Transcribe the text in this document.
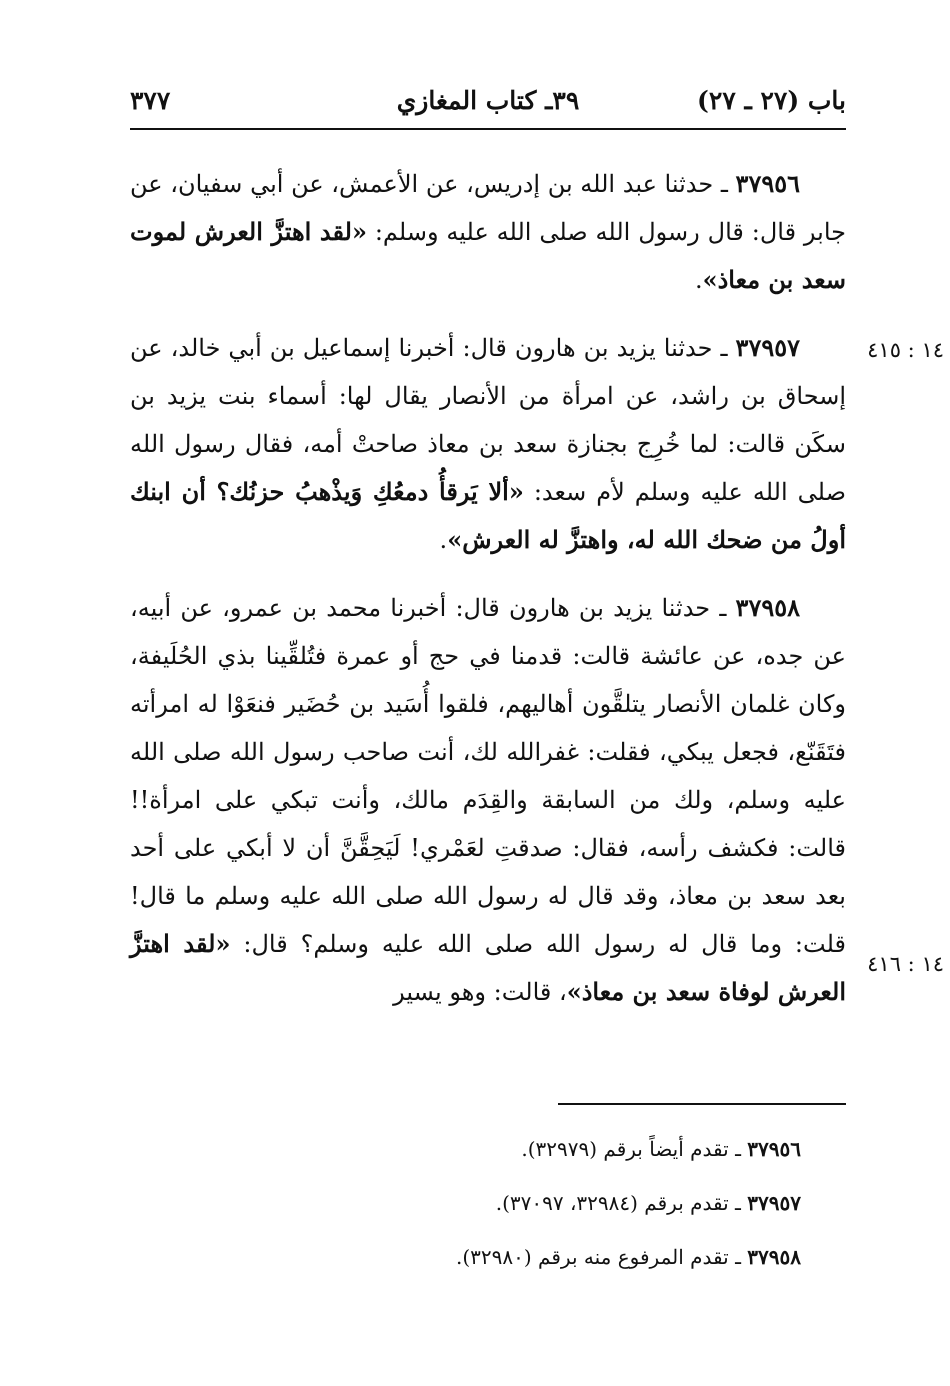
باب (٢٧ ـ ٢٧)
٣٩ـ كتاب المغازي
٣٧٧
١٤ : ٤١٥
١٤ : ٤١٦

٣٧٩٥٦ ـ حدثنا عبد الله بن إدريس، عن الأعمش، عن أبي سفيان، عن جابر قال: قال رسول الله صلى الله عليه وسلم: «لقد اهتزَّ العرش لموت سعد بن معاذ».

٣٧٩٥٧ ـ حدثنا يزيد بن هارون قال: أخبرنا إسماعيل بن أبي خالد، عن إسحاق بن راشد، عن امرأة من الأنصار يقال لها: أسماء بنت يزيد بن سكَن قالت: لما خُرِج بجنازة سعد بن معاذ صاحتْ أمه، فقال رسول الله صلى الله عليه وسلم لأم سعد: «ألا يَرقأُ دمعُكِ وَيذْهبُ حزنُك؟ أن ابنك أولُ من ضحك الله له، واهتزَّ له العرش».

٣٧٩٥٨ ـ حدثنا يزيد بن هارون قال: أخبرنا محمد بن عمرو، عن أبيه، عن جده، عن عائشة قالت: قدمنا في حج أو عمرة فتُلقِّينا بذي الحُلَيفة، وكان غلمان الأنصار يتلقَّون أهاليهم، فلقوا أُسَيد بن حُضَير فنعَوْا له امرأته فتَقَنّع، فجعل يبكي، فقلت: غفرالله لك، أنت صاحب رسول الله صلى الله عليه وسلم، ولك من السابقة والقِدَم مالك، وأنت تبكي على امرأة!! قالت: فكشف رأسه، فقال: صدقتِ لعَمْري! لَيَحِقَّنَّ أن لا أبكي على أحد بعد سعد بن معاذ، وقد قال له رسول الله صلى الله عليه وسلم ما قال! قلت: وما قال له رسول الله صلى الله عليه وسلم؟ قال: «لقد اهتزَّ العرش لوفاة سعد بن معاذ»، قالت: وهو يسير

٣٧٩٥٦ ـ تقدم أيضاً برقم (٣٢٩٧٩).

٣٧٩٥٧ ـ تقدم برقم (٣٢٩٨٤، ٣٧٠٩٧).

٣٧٩٥٨ ـ تقدم المرفوع منه برقم (٣٢٩٨٠).
